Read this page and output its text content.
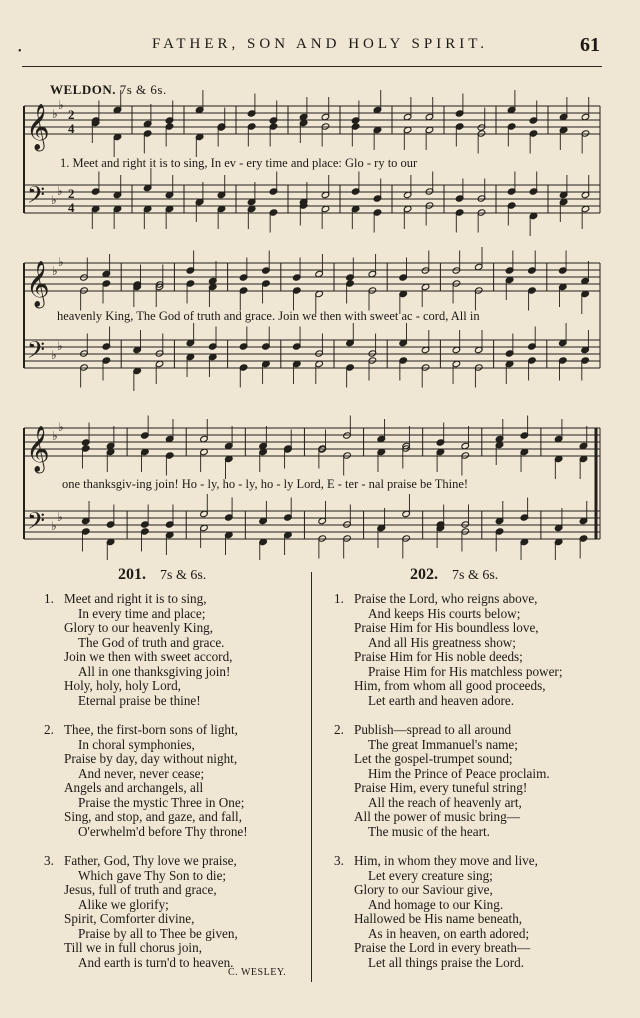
•	FATHER, SON AND HOLY SPIRIT.	61
WELDON. 7s & 6s.
𝄞
𝄢
♭
♭
♭
♭
2
4
2
4
𝄞
𝄢
♭
♭
♭
♭
𝄞
𝄢
♭
♭
♭
♭
1. Meet and right it is to sing, In ev - ery time and place: Glo - ry to our
heavenly King, The God of truth and grace. Join we then with sweet ac - cord, All in
one thanksgiv-ing join! Ho - ly, ho - ly, ho - ly Lord, E - ter - nal praise be Thine!
201. 7s & 6s.	202. 7s & 6s.
1. Meet and right it is to sing,
In every time and place;
Glory to our heavenly King,
The God of truth and grace.
Join we then with sweet accord,
All in one thanksgiving join!
Holy, holy, holy Lord,
Eternal praise be thine!
2. Thee, the first-born sons of light,
In choral symphonies,
Praise by day, day without night,
And never, never cease;
Angels and archangels, all
Praise the mystic Three in One;
Sing, and stop, and gaze, and fall,
O'erwhelm'd before Thy throne!
3. Father, God, Thy love we praise,
Which gave Thy Son to die;
Jesus, full of truth and grace,
Alike we glorify;
Spirit, Comforter divine,
Praise by all to Thee be given,
Till we in full chorus join,
And earth is turn'd to heaven.
1. Praise the Lord, who reigns above,
And keeps His courts below;
Praise Him for His boundless love,
And all His greatness show;
Praise Him for His noble deeds;
Praise Him for His matchless power;
Him, from whom all good proceeds,
Let earth and heaven adore.
2. Publish—spread to all around
The great Immanuel's name;
Let the gospel-trumpet sound;
Him the Prince of Peace proclaim.
Praise Him, every tuneful string!
All the reach of heavenly art,
All the power of music bring—
The music of the heart.
3. Him, in whom they move and live,
Let every creature sing;
Glory to our Saviour give,
And homage to our King.
Hallowed be His name beneath,
As in heaven, on earth adored;
Praise the Lord in every breath—
Let all things praise the Lord.
C. WESLEY.
